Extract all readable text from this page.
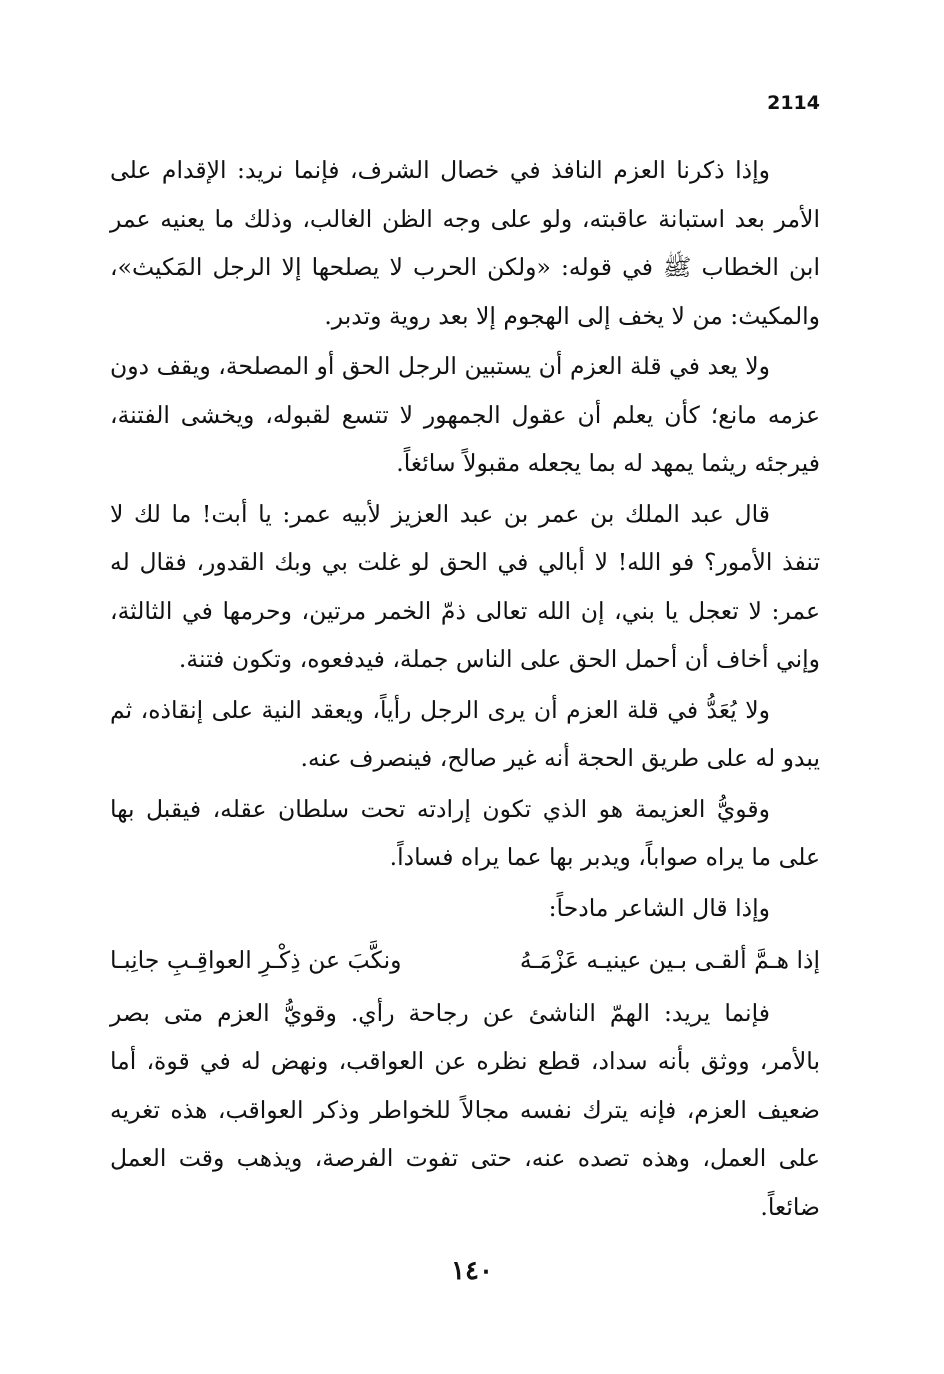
2114

وإذا ذكرنا العزم النافذ في خصال الشرف، فإنما نريد: الإقدام على الأمر بعد استبانة عاقبته، ولو على وجه الظن الغالب، وذلك ما يعنيه عمر ابن الخطاب ﷺ في قوله: «ولكن الحرب لا يصلحها إلا الرجل المَكيث»، والمكيث: من لا يخف إلى الهجوم إلا بعد روية وتدبر.

ولا يعد في قلة العزم أن يستبين الرجل الحق أو المصلحة، ويقف دون عزمه مانع؛ كأن يعلم أن عقول الجمهور لا تتسع لقبوله، ويخشى الفتنة، فيرجئه ريثما يمهد له بما يجعله مقبولاً سائغاً.

قال عبد الملك بن عمر بن عبد العزيز لأبيه عمر: يا أبت! ما لك لا تنفذ الأمور؟ فو الله! لا أبالي في الحق لو غلت بي وبك القدور، فقال له عمر: لا تعجل يا بني، إن الله تعالى ذمّ الخمر مرتين، وحرمها في الثالثة، وإني أخاف أن أحمل الحق على الناس جملة، فيدفعوه، وتكون فتنة.

ولا يُعَدُّ في قلة العزم أن يرى الرجل رأياً، ويعقد النية على إنقاذه، ثم يبدو له على طريق الحجة أنه غير صالح، فينصرف عنه.

وقويُّ العزيمة هو الذي تكون إرادته تحت سلطان عقله، فيقبل بها على ما يراه صواباً، ويدبر بها عما يراه فساداً.

وإذا قال الشاعر مادحاً:

إذا هـمَّ ألقـى بـين عينيـه عَزْمَـهُ
ونكَّبَ عن ذِكْـرِ العواقِـبِ جانِبـا

فإنما يريد: الهمّ الناشئ عن رجاحة رأي. وقويُّ العزم متى بصر بالأمر، ووثق بأنه سداد، قطع نظره عن العواقب، ونهض له في قوة، أما ضعيف العزم، فإنه يترك نفسه مجالاً للخواطر وذكر العواقب، هذه تغريه على العمل، وهذه تصده عنه، حتى تفوت الفرصة، ويذهب وقت العمل ضائعاً.

١٤٠
